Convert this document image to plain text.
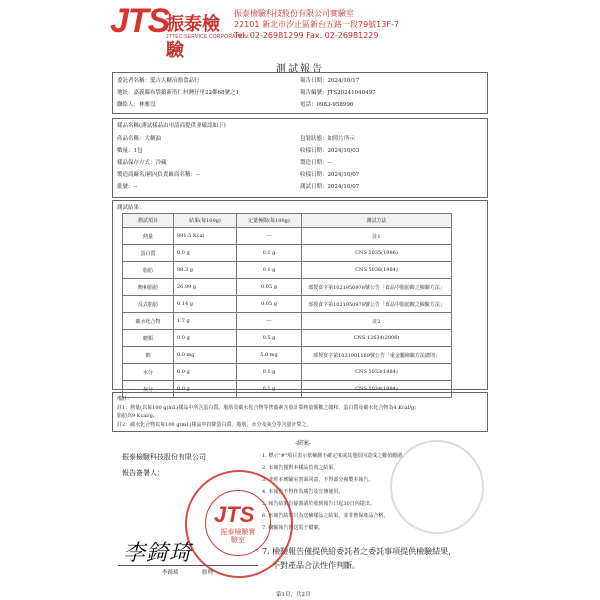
JTS
振泰檢驗
JTTEC SERVICE CORPORATION
振泰檢驗科技股份有限公司實驗室
22101 新北市汐止區新台五路一段79號13F-7
Tel. 02-26981299 Fax. 02-26981229
測試報告
委託者名稱：愛吉大糖冶漁食品行
地址：嘉義縣布袋鎮新厝仁村灣仔里22鄰68號之1
聯絡人：林雅沒
報告日期：2024/10/17
報告編號：JTS20241040497
電話：0983-958996
樣品名稱(測試樣品由申請商提供並確認如下)
產品名稱：大糖油
數量：1包
樣品保存方式：冷藏
製造商廠名/國內負責廠商名稱：--
批號：--
包裝狀態：如照片所示
收樣日期：2024/10/03
製造日期：--
收樣日期：2024/10/07
測試日期：2024/10/07
測試結果：
測試項目	結果(每100g)	定量極限(每100g)	測試方法
熱量	891.5 Kcal	---	註1
蛋白質	0.0 g	0.1 g	CNS 5035(1986)
脂肪	98.3 g	0.1 g	CNS 5036(1984)
飽和脂肪	26.99 g	0.05 g	部授食字第1021950978號公告「食品中脂肪酸之檢驗方法」
反式脂肪	0.14 g	0.05 g	部授食字第1021950978號公告「食品中脂肪酸之檢驗方法」
碳水化合物	1.7 g	---	註2
糖類	0.0 g	0.5 g	CNS 12634(2006)
鈉	0.0 mg	5.0 mg	部授食字第1031901169號公告「重金屬檢驗方法總則」
水分	0.0 g	0.1 g	CNS 5033(1984)
灰分	0.0 g	0.1 g	CNS 5034(1984)
備註：
註1：熱量(以每100 g(mL)樣品中所含蛋白質、脂肪及碳水化合物等營養素含量計算熱量係數之總和，蛋白質及碳水化合物為4 Kcal/g；
脂肪為9 Kcal/g。
註2：碳水化合物以每100 g(mL)樣品中扣除蛋白質、脂肪、水分及灰分等含量計算之。
-結案-
1. 標示"#"項目表示依檢測不確定度或其他原因造成之數值範圍。
2. 本報告僅對本樣品負責之結果。
3. 非經本實驗室書面同意，不得部分複製本報告。
4. 本報告不得作為廣告及宣傳使用。
5. 報告結果有疑義請於收到報告日起30日內提出。
6. 本報告結果只為送檢樣品之結果，並非擔保產品合格。
7. 檢驗報告僅送電子檔案。
7. 檢驗報告僅提供給委託者之委託事項提供檢驗結果，
不對產品合法性作判斷。
振泰檢驗科技股份有限公司
報告簽署人：
JTS
振泰檢驗實驗室
李錡琦
李錡琦	經理
第1頁，共2頁
